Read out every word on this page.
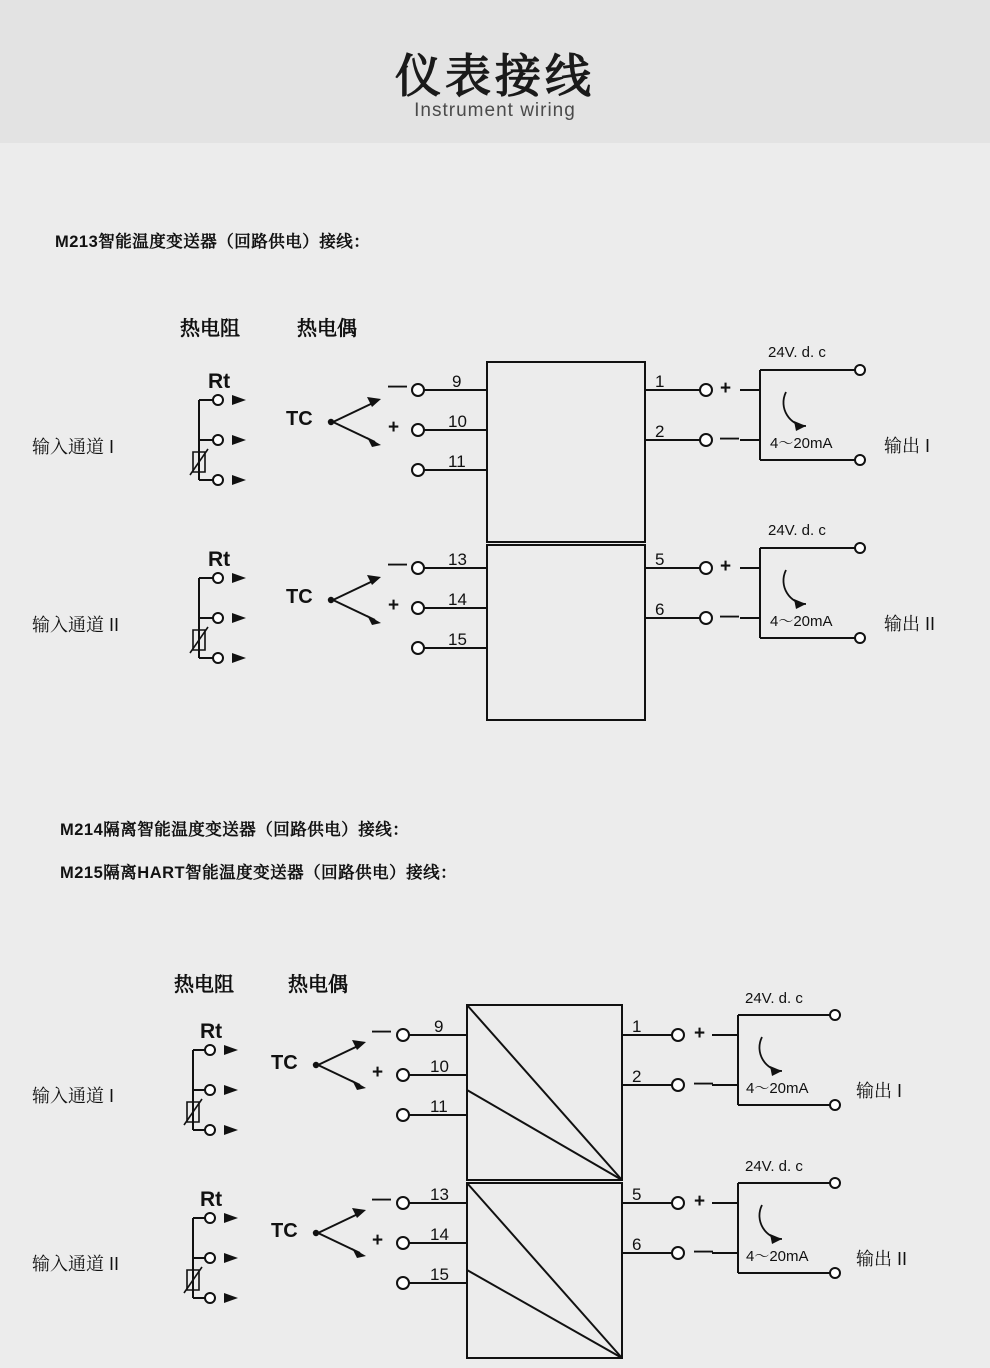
仪表接线
Instrument wiring
M213智能温度变送器（回路供电）接线：
热电阻	热电偶
Rt
TC
—
+
输入通道 I
输入通道 II
9
10
11
1
2
+
—
24V. d. c
4～20mA	输出 I
Rt
TC
—
+
13
14
15
5
6
+
—
24V. d. c
4～20mA	输出 II
M214隔离智能温度变送器（回路供电）接线：
M215隔离HART智能温度变送器（回路供电）接线：
热电阻	热电偶
Rt
TC
—
+
输入通道 I
输入通道 II
9
10
11
1
2
+
—
24V. d. c
4～20mA	输出 I
Rt
TC
—
+
13
14
15
5
6
+
—
24V. d. c
4～20mA	输出 II
